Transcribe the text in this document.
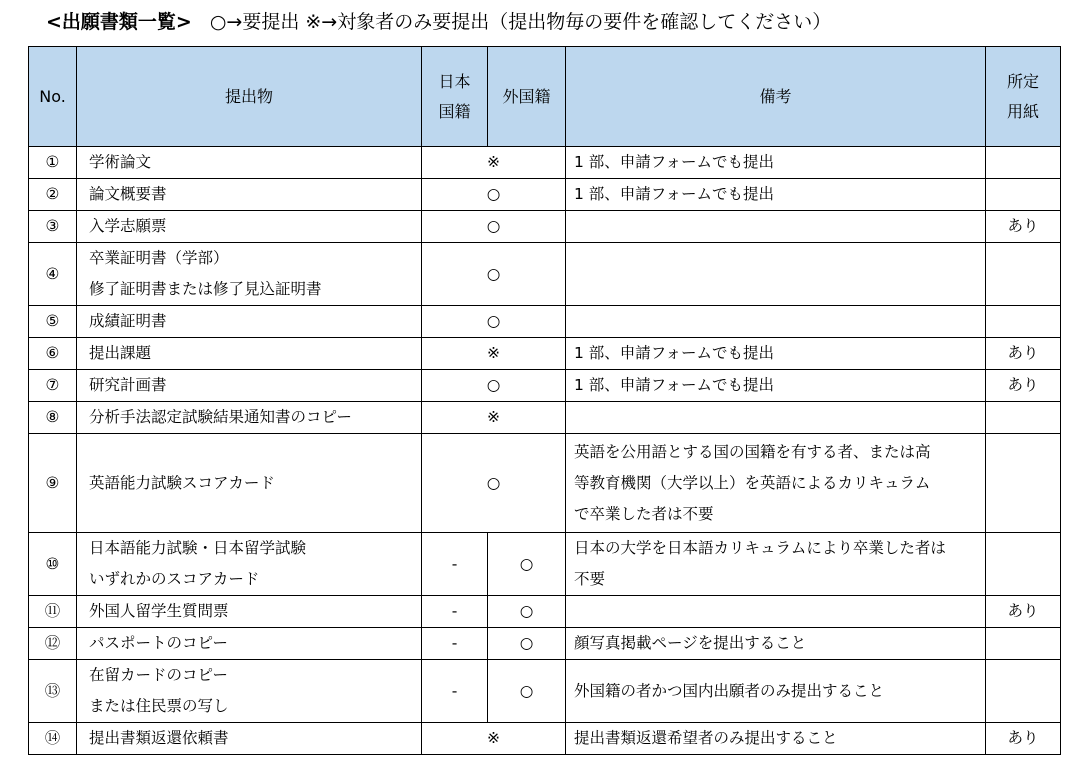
<出願書類一覧> ○→要提出 ※→対象者のみ要提出（提出物毎の要件を確認してください）
No.	提出物	日本
国籍	外国籍	備考	所定
用紙

①	学術論文	※		1 部、申請フォームでも提出	

②	論文概要書	○		1 部、申請フォームでも提出	

③	入学志願票	○			あり
④	卒業証明書（学部）
修了証明書または修了見込証明書	○			
⑤	成績証明書	○			
⑥	提出課題	※		1 部、申請フォームでも提出	あり
⑦	研究計画書	○		1 部、申請フォームでも提出	あり
⑧	分析手法認定試験結果通知書のコピー	※			
⑨	英語能力試験スコアカード	○		英語を公用語とする国の国籍を有する者、または高
等教育機関（大学以上）を英語によるカリキュラム
で卒業した者は不要	

⑩	日本語能力試験・日本留学試験
いずれかのスコアカード	-	○	日本の大学を日本語カリキュラムにより卒業した者は
不要	

⑪	外国人留学生質問票	-	○		あり
⑫	パスポートのコピー	-	○	顔写真掲載ページを提出すること	

⑬	在留カードのコピー
または住民票の写し	-	○	外国籍の者かつ国内出願者のみ提出すること	

⑭	提出書類返還依頼書	※		提出書類返還希望者のみ提出すること	あり
